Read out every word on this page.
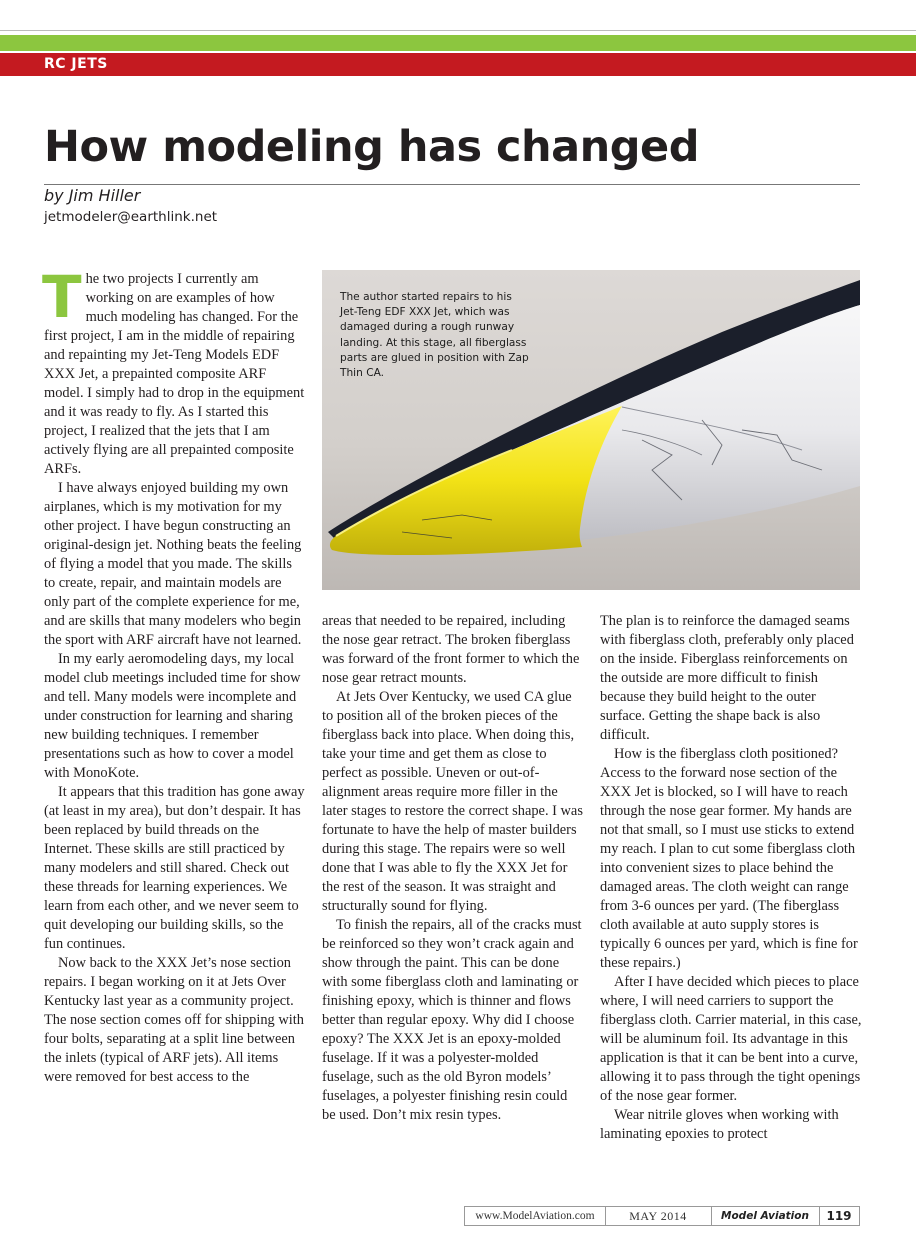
RC JETS
How modeling has changed
by Jim Hiller
jetmodeler@earthlink.net

The two projects I currently am working on are examples of how much modeling has changed. For the first project, I am in the middle of repairing and repainting my Jet-Teng Models EDF XXX Jet, a prepainted composite ARF model. I simply had to drop in the equipment and it was ready to fly. As I started this project, I realized that the jets that I am actively flying are all prepainted composite ARFs.

I have always enjoyed building my own airplanes, which is my motivation for my other project. I have begun constructing an original-design jet. Nothing beats the feeling of flying a model that you made. The skills to create, repair, and maintain models are only part of the complete experience for me, and are skills that many modelers who begin the sport with ARF aircraft have not learned.

In my early aeromodeling days, my local model club meetings included time for show and tell. Many models were incomplete and under construction for learning and sharing new building techniques. I remember presentations such as how to cover a model with MonoKote.

It appears that this tradition has gone away (at least in my area), but don’t despair. It has been replaced by build threads on the Internet. These skills are still practiced by many modelers and still shared. Check out these threads for learning experiences. We learn from each other, and we never seem to quit developing our building skills, so the fun continues.

Now back to the XXX Jet’s nose section repairs. I began working on it at Jets Over Kentucky last year as a community project. The nose section comes off for shipping with four bolts, separating at a split line between the inlets (typical of ARF jets). All items were removed for best access to the

The author started repairs to his Jet-Teng EDF XXX Jet, which was damaged during a rough runway landing. At this stage, all fiberglass parts are glued in position with Zap Thin CA.

areas that needed to be repaired, including the nose gear retract. The broken fiberglass was forward of the front former to which the nose gear retract mounts.

At Jets Over Kentucky, we used CA glue to position all of the broken pieces of the fiberglass back into place. When doing this, take your time and get them as close to perfect as possible. Uneven or out-of-alignment areas require more filler in the later stages to restore the correct shape. I was fortunate to have the help of master builders during this stage. The repairs were so well done that I was able to fly the XXX Jet for the rest of the season. It was straight and structurally sound for flying.

To finish the repairs, all of the cracks must be reinforced so they won’t crack again and show through the paint. This can be done with some fiberglass cloth and laminating or finishing epoxy, which is thinner and flows better than regular epoxy. Why did I choose epoxy? The XXX Jet is an epoxy-molded fuselage. If it was a polyester-molded fuselage, such as the old Byron models’ fuselages, a polyester finishing resin could be used. Don’t mix resin types.

The plan is to reinforce the damaged seams with fiberglass cloth, preferably only placed on the inside. Fiberglass reinforcements on the outside are more difficult to finish because they build height to the outer surface. Getting the shape back is also difficult.

How is the fiberglass cloth positioned? Access to the forward nose section of the XXX Jet is blocked, so I will have to reach through the nose gear former. My hands are not that small, so I must use sticks to extend my reach. I plan to cut some fiberglass cloth into convenient sizes to place behind the damaged areas. The cloth weight can range from 3-6 ounces per yard. (The fiberglass cloth available at auto supply stores is typically 6 ounces per yard, which is fine for these repairs.)

After I have decided which pieces to place where, I will need carriers to support the fiberglass cloth. Carrier material, in this case, will be aluminum foil. Its advantage in this application is that it can be bent into a curve, allowing it to pass through the tight openings of the nose gear former.

Wear nitrile gloves when working with laminating epoxies to protect

www.ModelAviation.com	MAY 2014	Model Aviation	119
